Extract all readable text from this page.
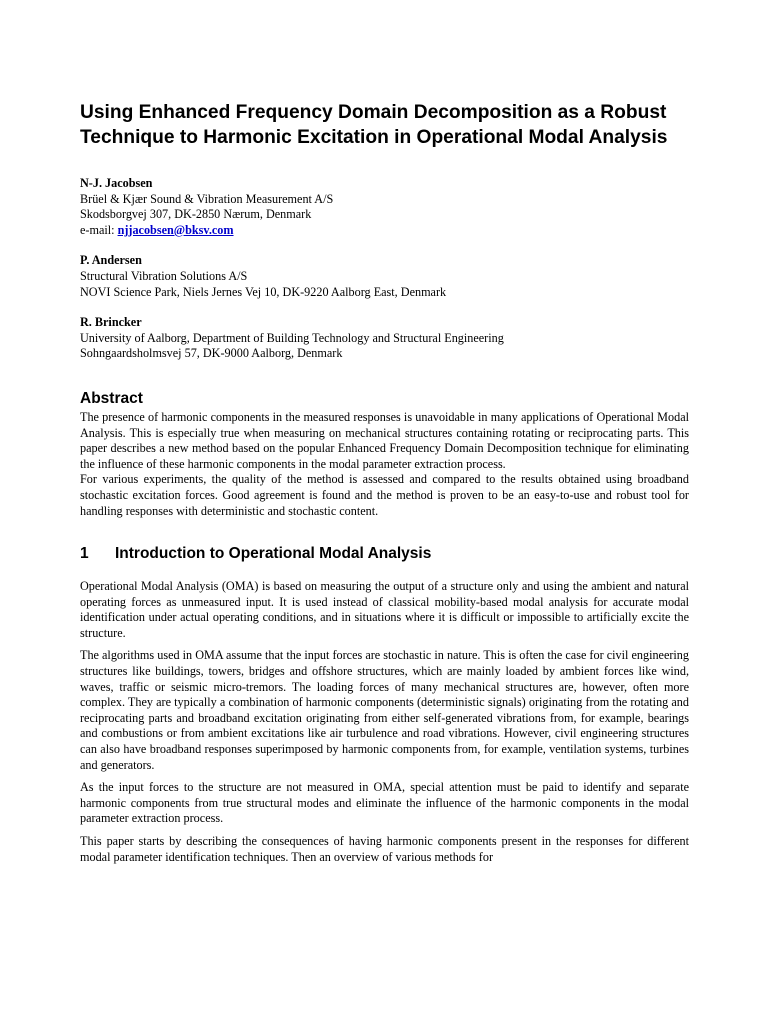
Using Enhanced Frequency Domain Decomposition as a Robust Technique to Harmonic Excitation in Operational Modal Analysis
N-J. Jacobsen
Brüel & Kjær Sound & Vibration Measurement A/S
Skodsborgvej 307, DK-2850 Nærum, Denmark
e-mail: njjacobsen@bksv.com
P. Andersen
Structural Vibration Solutions A/S
NOVI Science Park, Niels Jernes Vej 10, DK-9220 Aalborg East, Denmark
R. Brincker
University of Aalborg, Department of Building Technology and Structural Engineering
Sohngaardsholmsvej 57, DK-9000 Aalborg, Denmark
Abstract

The presence of harmonic components in the measured responses is unavoidable in many applications of Operational Modal Analysis. This is especially true when measuring on mechanical structures containing rotating or reciprocating parts. This paper describes a new method based on the popular Enhanced Frequency Domain Decomposition technique for eliminating the influence of these harmonic components in the modal parameter extraction process.

For various experiments, the quality of the method is assessed and compared to the results obtained using broadband stochastic excitation forces. Good agreement is found and the method is proven to be an easy-to-use and robust tool for handling responses with deterministic and stochastic content.

1	Introduction to Operational Modal Analysis

Operational Modal Analysis (OMA) is based on measuring the output of a structure only and using the ambient and natural operating forces as unmeasured input. It is used instead of classical mobility-based modal analysis for accurate modal identification under actual operating conditions, and in situations where it is difficult or impossible to artificially excite the structure.

The algorithms used in OMA assume that the input forces are stochastic in nature. This is often the case for civil engineering structures like buildings, towers, bridges and offshore structures, which are mainly loaded by ambient forces like wind, waves, traffic or seismic micro-tremors. The loading forces of many mechanical structures are, however, often more complex. They are typically a combination of harmonic components (deterministic signals) originating from the rotating and reciprocating parts and broadband excitation originating from either self-generated vibrations from, for example, bearings and combustions or from ambient excitations like air turbulence and road vibrations. However, civil engineering structures can also have broadband responses superimposed by harmonic components from, for example, ventilation systems, turbines and generators.

As the input forces to the structure are not measured in OMA, special attention must be paid to identify and separate harmonic components from true structural modes and eliminate the influence of the harmonic components in the modal parameter extraction process.

This paper starts by describing the consequences of having harmonic components present in the responses for different modal parameter identification techniques. Then an overview of various methods for
